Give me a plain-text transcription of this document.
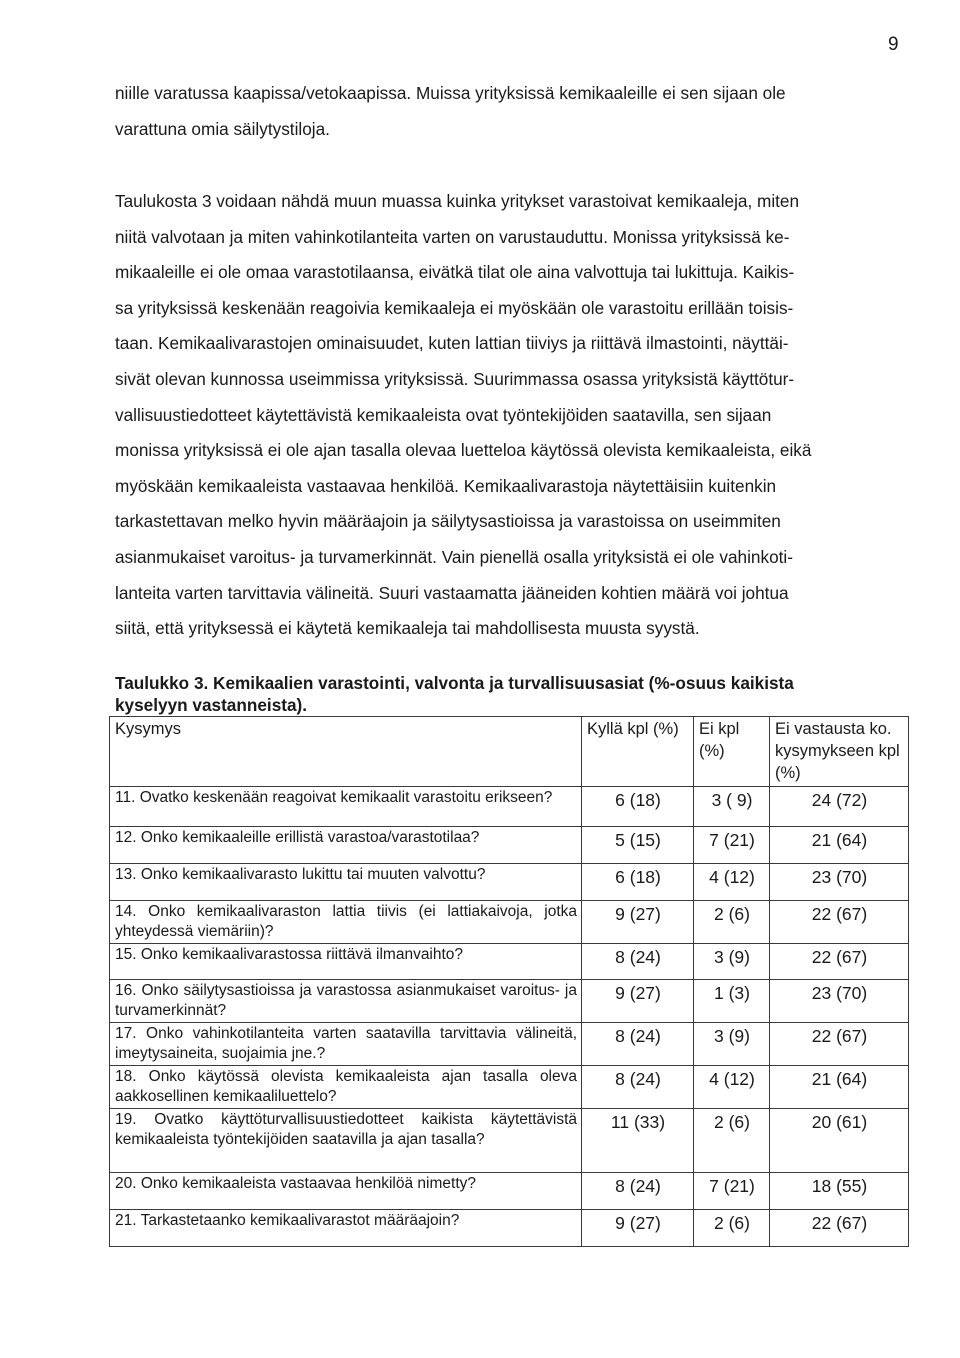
9

niille varatussa kaapissa/vetokaapissa. Muissa yrityksissä kemikaaleille ei sen sijaan ole
varattuna omia säilytystiloja.

Taulukosta 3 voidaan nähdä muun muassa kuinka yritykset varastoivat kemikaaleja, miten
niitä valvotaan ja miten vahinkotilanteita varten on varustauduttu. Monissa yrityksissä ke-
mikaaleille ei ole omaa varastotilaansa, eivätkä tilat ole aina valvottuja tai lukittuja. Kaikis-
sa yrityksissä keskenään reagoivia kemikaaleja ei myöskään ole varastoitu erillään toisis-
taan. Kemikaalivarastojen ominaisuudet, kuten lattian tiiviys ja riittävä ilmastointi, näyttäi-
sivät olevan kunnossa useimmissa yrityksissä. Suurimmassa osassa yrityksistä käyttötur-
vallisuustiedotteet käytettävistä kemikaaleista ovat työntekijöiden saatavilla, sen sijaan
monissa yrityksissä ei ole ajan tasalla olevaa luetteloa käytössä olevista kemikaaleista, eikä
myöskään kemikaaleista vastaavaa henkilöä. Kemikaalivarastoja näytettäisiin kuitenkin
tarkastettavan melko hyvin määräajoin ja säilytysastioissa ja varastoissa on useimmiten
asianmukaiset varoitus- ja turvamerkinnät. Vain pienellä osalla yrityksistä ei ole vahinkoti-
lanteita varten tarvittavia välineitä. Suuri vastaamatta jääneiden kohtien määrä voi johtua
siitä, että yrityksessä ei käytetä kemikaaleja tai mahdollisesta muusta syystä.

Taulukko 3. Kemikaalien varastointi, valvonta ja turvallisuusasiat (%-osuus kaikista
kyselyyn vastanneista).

Kysymys	Kyllä kpl (%)	Ei kpl (%)	Ei vastausta ko. kysymykseen kpl (%)
11. Ovatko keskenään reagoivat kemikaalit varastoitu erikseen?	6 (18)	3 ( 9)	24 (72)
12. Onko kemikaaleille erillistä varastoa/varastotilaa?	5 (15)	7 (21)	21 (64)
13. Onko kemikaalivarasto lukittu tai muuten valvottu?	6 (18)	4 (12)	23 (70)
14. Onko kemikaalivaraston lattia tiivis (ei lattiakaivoja, jotka yhteydessä viemäriin)?	9 (27)	2 (6)	22 (67)
15. Onko kemikaalivarastossa riittävä ilmanvaihto?	8 (24)	3 (9)	22 (67)
16. Onko säilytysastioissa ja varastossa asianmukaiset varoitus- ja turvamerkinnät?	9 (27)	1 (3)	23 (70)
17. Onko vahinkotilanteita varten saatavilla tarvittavia välineitä, imeytysaineita, suojaimia jne.?	8 (24)	3 (9)	22 (67)
18. Onko käytössä olevista kemikaaleista ajan tasalla oleva aakkosellinen kemikaaliluettelo?	8 (24)	4 (12)	21 (64)
19. Ovatko käyttöturvallisuustiedotteet kaikista käytettävistä kemikaaleista työntekijöiden saatavilla ja ajan tasalla?	11 (33)	2 (6)	20 (61)
20. Onko kemikaaleista vastaavaa henkilöä nimetty?	8 (24)	7 (21)	18 (55)
21. Tarkastetaanko kemikaalivarastot määräajoin?	9 (27)	2 (6)	22 (67)
